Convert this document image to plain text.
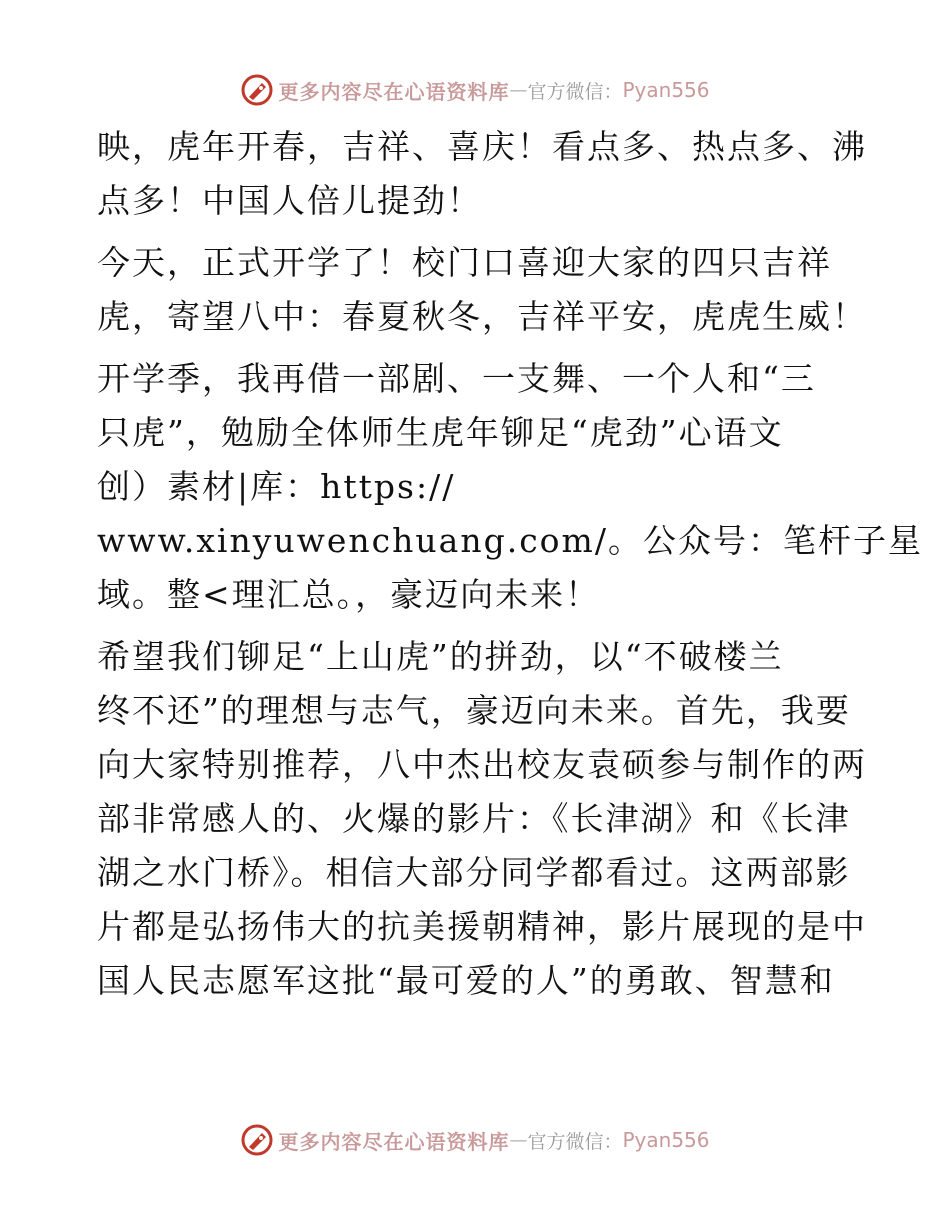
更多内容尽在心语资料库 — 官方微信： Pyan556
映，虎年开春，吉祥、喜庆！看点多、热点多、沸
点多！中国人倍儿提劲！
今天，正式开学了！校门口喜迎大家的四只吉祥
虎，寄望八中：春夏秋冬，吉祥平安，虎虎生威！
开学季，我再借一部剧、一支舞、一个人和“三
只虎”，勉励全体师生虎年铆足“虎劲”心语文
创）素材|库：https://
www.xinyuwenchuang.com/。公众号：笔杆子星
域。整<理汇总。，豪迈向未来！
希望我们铆足“上山虎”的拼劲，以“不破楼兰
终不还”的理想与志气，豪迈向未来。首先，我要
向大家特别推荐，八中杰出校友袁硕参与制作的两
部非常感人的、火爆的影片：《长津湖》和《长津
湖之水门桥》。相信大部分同学都看过。这两部影
片都是弘扬伟大的抗美援朝精神，影片展现的是中
国人民志愿军这批“最可爱的人”的勇敢、智慧和
更多内容尽在心语资料库 — 官方微信： Pyan556
